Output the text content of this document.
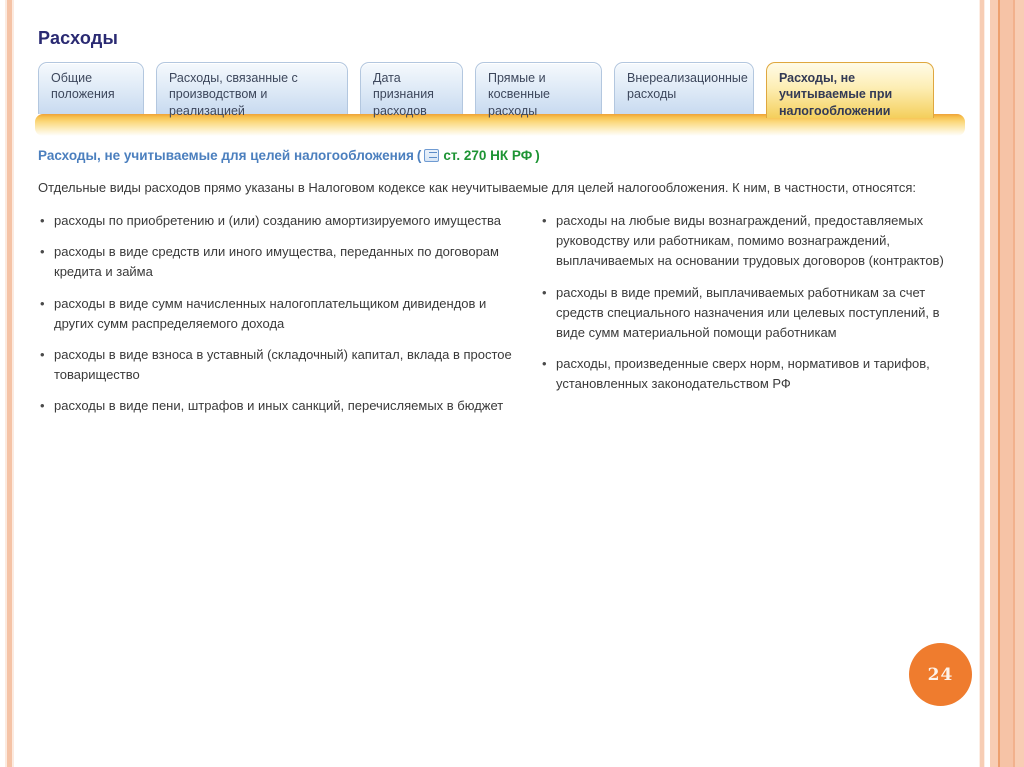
Расходы
Общие положения
Расходы, связанные с производством и реализацией
Дата признания расходов
Прямые и косвенные расходы
Внереализационные расходы
Расходы, не учитываемые при налогообложении
Расходы, не учитываемые для целей налогообложения ( ст. 270 НК РФ )
Отдельные виды расходов прямо указаны в Налоговом кодексе как неучитываемые для целей налогообложения. К ним, в частности, относятся:
• расходы по приобретению и (или) созданию амортизируемого имущества
• расходы в виде средств или иного имущества, переданных по договорам кредита и займа
• расходы в виде сумм начисленных налогоплательщиком дивидендов и других сумм распределяемого дохода
• расходы в виде взноса в уставный (складочный) капитал, вклада в простое товарищество
• расходы в виде пени, штрафов и иных санкций, перечисляемых в бюджет
• расходы на любые виды вознаграждений, предоставляемых руководству или работникам, помимо вознаграждений, выплачиваемых на основании трудовых договоров (контрактов)
• расходы в виде премий, выплачиваемых работникам за счет средств специального назначения или целевых поступлений, в виде сумм материальной помощи работникам
• расходы, произведенные сверх норм, нормативов и тарифов, установленных законодательством РФ
24
